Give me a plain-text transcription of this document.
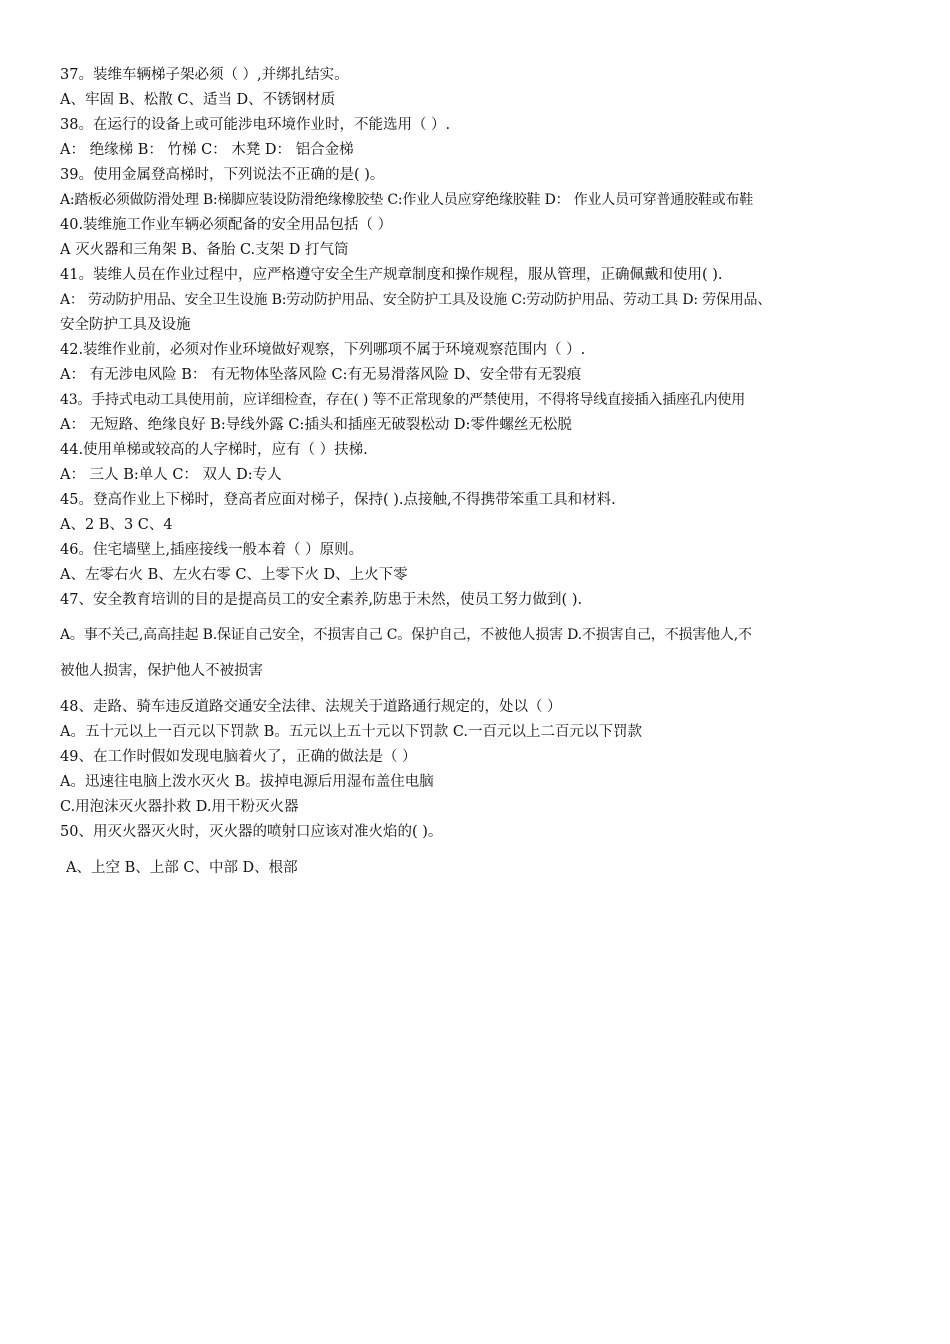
37。装维车辆梯子架必须（ ）,并绑扎结实。
A、牢固 B、松散 C、适当 D、不锈钢材质
38。在运行的设备上或可能涉电环境作业时，不能选用（ ）.
A： 绝缘梯 B： 竹梯 C： 木凳 D： 铝合金梯
39。使用金属登高梯时，下列说法不正确的是( )。
A:踏板必须做防滑处理 B:梯脚应装设防滑绝缘橡胶垫 C:作业人员应穿绝缘胶鞋 D： 作业人员可穿普通胶鞋或布鞋
40.装维施工作业车辆必须配备的安全用品包括（ ）
A 灭火器和三角架 B、备胎 C.支架 D 打气筒
41。装维人员在作业过程中，应严格遵守安全生产规章制度和操作规程，服从管理，正确佩戴和使用( ).
A： 劳动防护用品、安全卫生设施 B:劳动防护用品、安全防护工具及设施 C:劳动防护用品、劳动工具 D: 劳保用品、
安全防护工具及设施
42.装维作业前，必须对作业环境做好观察，下列哪项不属于环境观察范围内（ ）.
A： 有无涉电风险 B： 有无物体坠落风险 C:有无易滑落风险 D、安全带有无裂痕
43。手持式电动工具使用前，应详细检查，存在( ) 等不正常现象的严禁使用，不得将导线直接插入插座孔内使用
A： 无短路、绝缘良好 B:导线外露 C:插头和插座无破裂松动 D:零件螺丝无松脱
44.使用单梯或较高的人字梯时，应有（ ）扶梯.
A： 三人 B:单人 C： 双人 D:专人
45。登高作业上下梯时，登高者应面对梯子，保持( ).点接触,不得携带笨重工具和材料.
A、2 B、3 C、4
46。住宅墙壁上,插座接线一般本着（ ）原则。
A、左零右火 B、左火右零 C、上零下火 D、上火下零
47、安全教育培训的目的是提高员工的安全素养,防患于未然，使员工努力做到( ).
A。事不关己,高高挂起 B.保证自己安全，不损害自己 C。保护自己，不被他人损害 D.不损害自己，不损害他人,不
被他人损害，保护他人不被损害
48、走路、骑车违反道路交通安全法律、法规关于道路通行规定的，处以（ ）
A。五十元以上一百元以下罚款 B。五元以上五十元以下罚款 C.一百元以上二百元以下罚款
49、在工作时假如发现电脑着火了，正确的做法是（ ）
A。迅速往电脑上泼水灭火 B。拔掉电源后用湿布盖住电脑
C.用泡沫灭火器扑救 D.用干粉灭火器
50、用灭火器灭火时，灭火器的喷射口应该对准火焰的( )。
A、上空 B、上部 C、中部 D、根部
